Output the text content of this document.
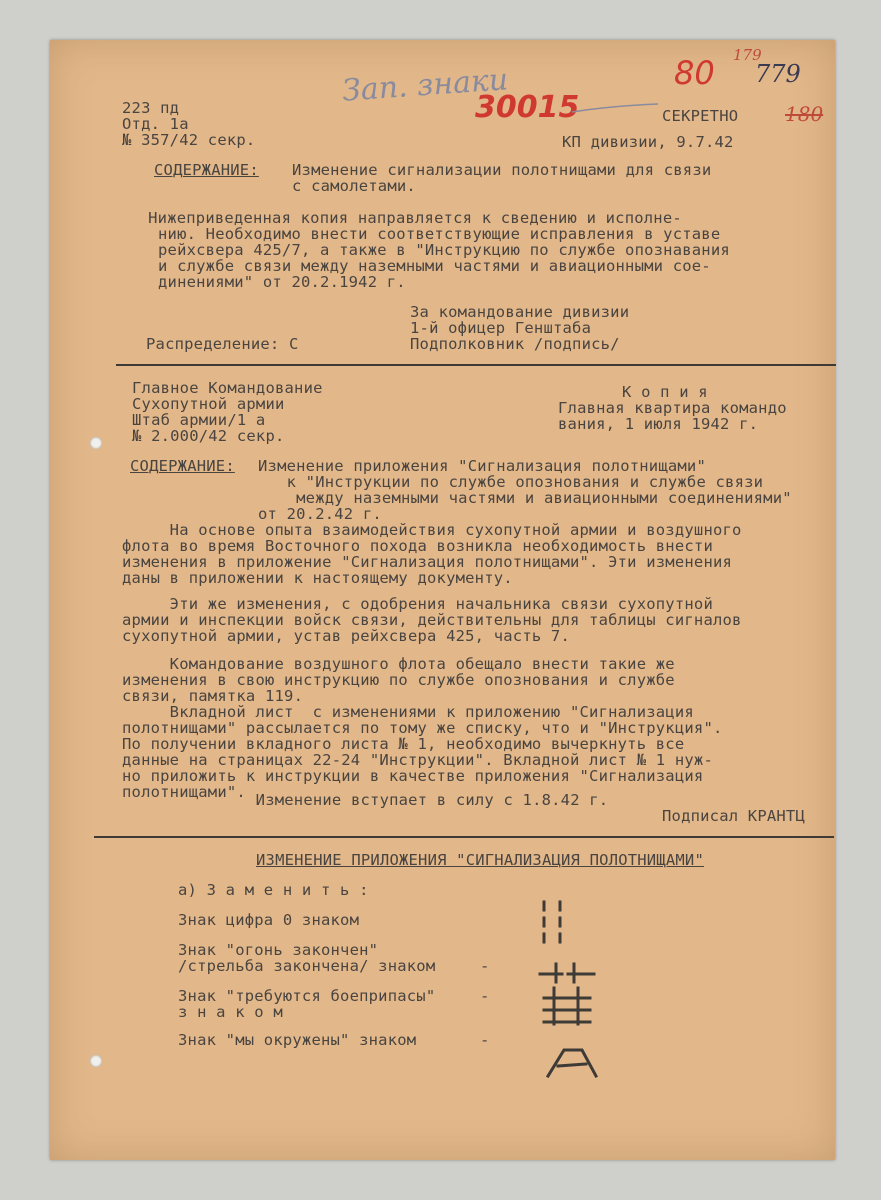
Зап. знаки
30015
80 179
779
180

223 пд

Отд. 1а

№ 357/42 секр.

СЕКРЕТНО

КП дивизии, 9.7.42

СОДЕРЖАНИЕ: Изменение сигнализации полотнищами для связи

с самолетами.

Нижеприведенная копия направляется к сведению и исполне-

нию. Необходимо внести соответствующие исправления в уставе

рейхсвера 425/7, а также в "Инструкцию по службе опознавания

и службе связи между наземными частями и авиационными сое-

динениями" от 20.2.1942 г.

За командование дивизии

1-й офицер Генштаба

Подполковник /подпись/

Распределение: С

Главное Командование

Сухопутной армии

Штаб армии/1 а

№ 2.000/42 секр.

К о п и я

Главная квартира командо

вания, 1 июля 1942 г.

СОДЕРЖАНИЕ: Изменение приложения "Сигнализация полотнищами"

к "Инструкции по службе опознования и службе связи

между наземными частями и авиационными соединениями"

от 20.2.42 г.

На основе опыта взаимодействия сухопутной армии и воздушного

флота во время Восточного похода возникла необходимость внести

изменения в приложение "Сигнализация полотнищами". Эти изменения

даны в приложении к настоящему документу.

Эти же изменения, с одобрения начальника связи сухопутной

армии и инспекции войск связи, действительны для таблицы сигналов

сухопутной армии, устав рейхсвера 425, часть 7.

Командование воздушного флота обещало внести такие же

изменения в свою инструкцию по службе опознования и службе

связи, памятка 119.

Вкладной лист  с изменениями к приложению "Сигнализация

полотнищами" рассылается по тому же списку, что и "Инструкция".

По получении вкладного листа № 1, необходимо вычеркнуть все

данные на страницах 22-24 "Инструкции". Вкладной лист № 1 нуж-

но приложить к инструкции в качестве приложения "Сигнализация

полотнищами".

Изменение вступает в силу с 1.8.42 г.

Подписал КРАНТЦ

ИЗМЕНЕНИЕ ПРИЛОЖЕНИЯ "СИГНАЛИЗАЦИЯ ПОЛОТНИЩАМИ"

а) З а м е н и т ь :

Знак цифра 0 знаком

Знак "огонь закончен"

/стрельба закончена/ знаком	-

Знак "требуются боеприпасы"

з н а к о м

-

Знак "мы окружены" знаком	-
